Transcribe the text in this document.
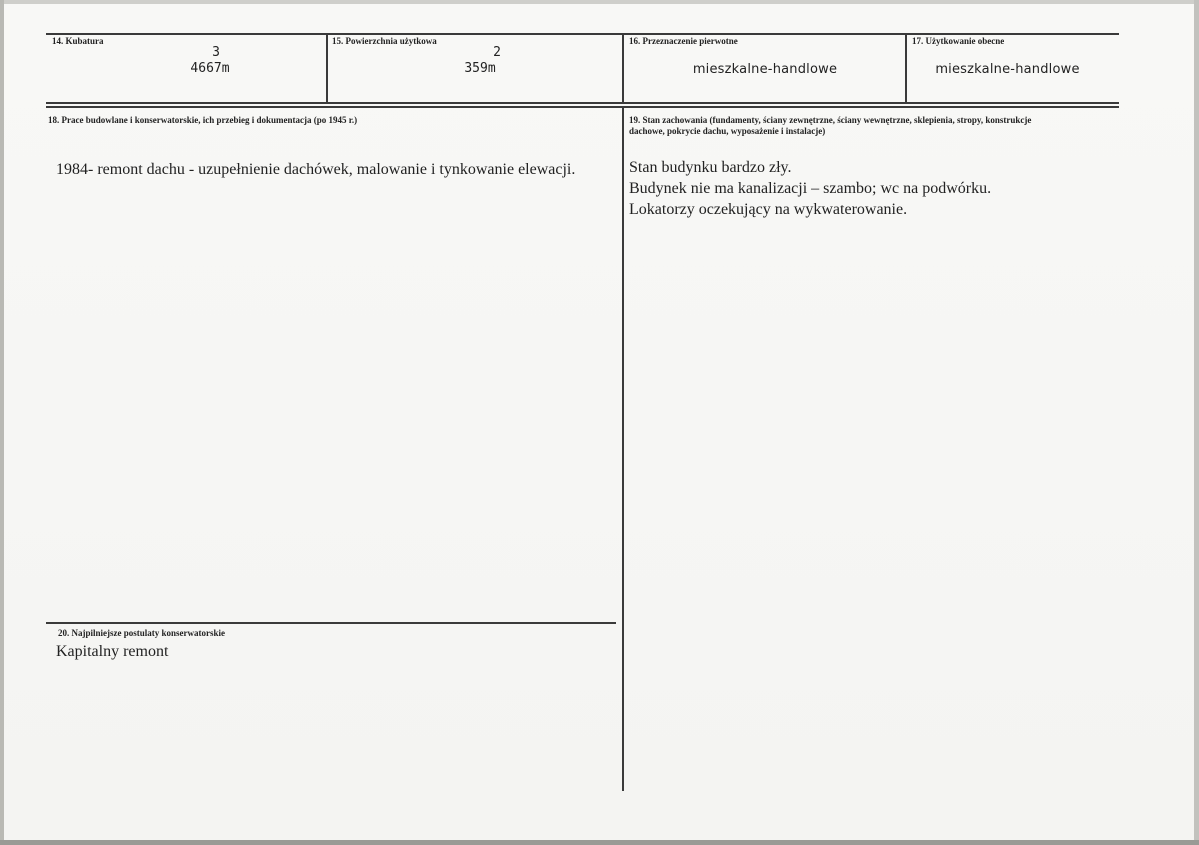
14. Kubatura
3
4667m
15. Powierzchnia użytkowa
2
359m
16. Przeznaczenie pierwotne
mieszkalne-handlowe
17. Użytkowanie obecne
mieszkalne-handlowe
18. Prace budowlane i konserwatorskie, ich przebieg i dokumentacja (po 1945 r.)
1984- remont dachu - uzupełnienie dachówek, malowanie i tynkowanie elewacji.
19. Stan zachowania (fundamenty, ściany zewnętrzne, ściany wewnętrzne, sklepienia, stropy, konstrukcje
dachowe, pokrycie dachu, wyposażenie i instalacje)
Stan budynku bardzo zły.
Budynek nie ma kanalizacji – szambo; wc na podwórku.
Lokatorzy oczekujący na wykwaterowanie.
20. Najpilniejsze postulaty konserwatorskie
Kapitalny remont
